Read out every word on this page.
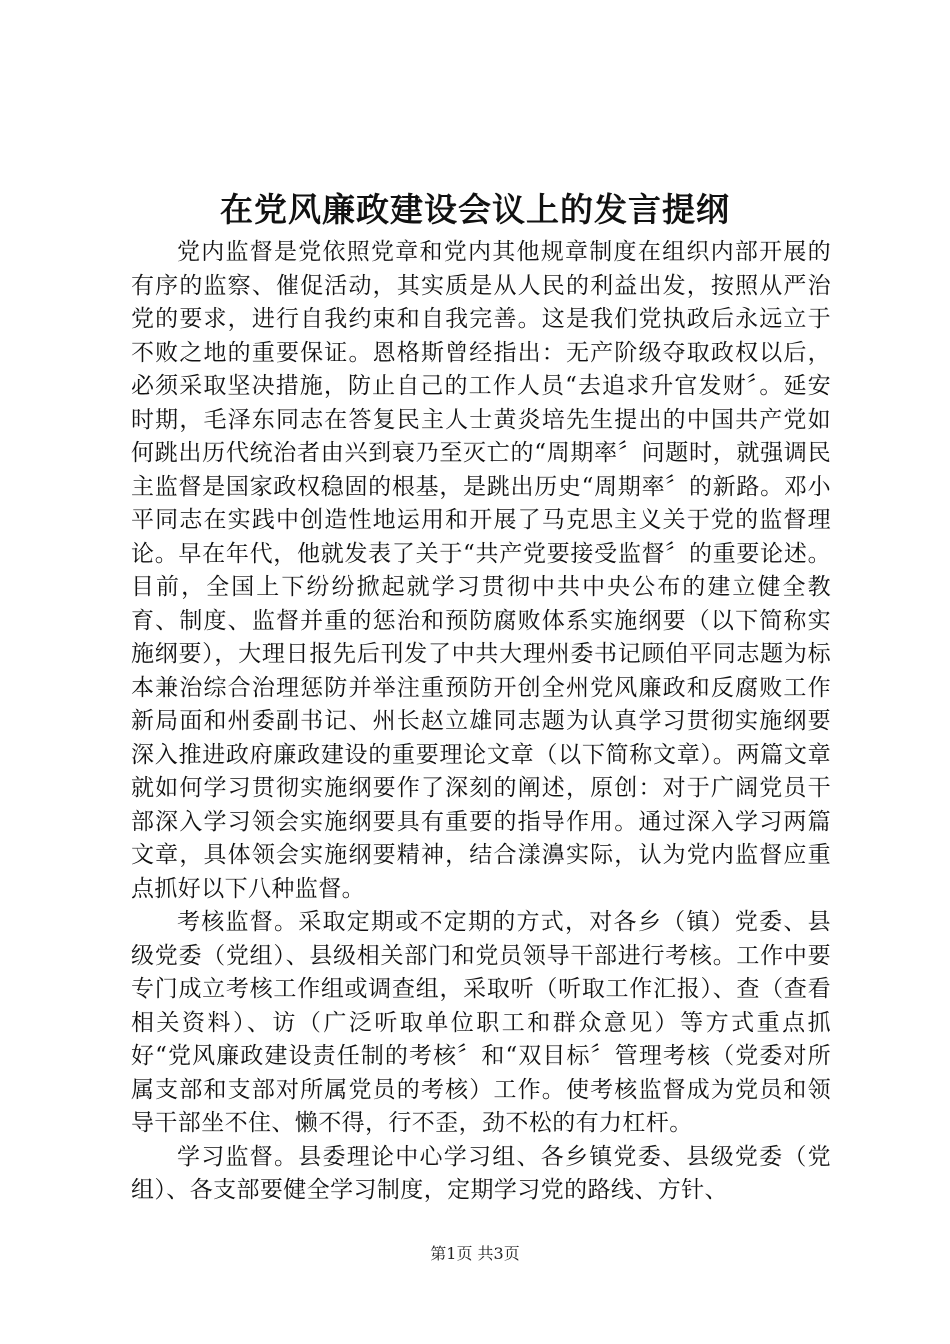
在党风廉政建设会议上的发言提纲

党内监督是党依照党章和党内其他规章制度在组织内部开展的有序的监察、催促活动，其实质是从人民的利益出发，按照从严治党的要求，进行自我约束和自我完善。这是我们党执政后永远立于不败之地的重要保证。恩格斯曾经指出：无产阶级夺取政权以后，必须采取坚决措施，防止自己的工作人员“去追求升官发财〞。延安时期，毛泽东同志在答复民主人士黄炎培先生提出的中国共产党如何跳出历代统治者由兴到衰乃至灭亡的“周期率〞问题时，就强调民主监督是国家政权稳固的根基，是跳出历史“周期率〞的新路。邓小平同志在实践中创造性地运用和开展了马克思主义关于党的监督理论。早在年代，他就发表了关于“共产党要接受监督〞的重要论述。目前，全国上下纷纷掀起就学习贯彻中共中央公布的建立健全教育、制度、监督并重的惩治和预防腐败体系实施纲要（以下简称实施纲要），大理日报先后刊发了中共大理州委书记顾伯平同志题为标本兼治综合治理惩防并举注重预防开创全州党风廉政和反腐败工作新局面和州委副书记、州长赵立雄同志题为认真学习贯彻实施纲要深入推进政府廉政建设的重要理论文章（以下简称文章）。两篇文章就如何学习贯彻实施纲要作了深刻的阐述，原创：对于广阔党员干部深入学习领会实施纲要具有重要的指导作用。通过深入学习两篇文章，具体领会实施纲要精神，结合漾濞实际，认为党内监督应重点抓好以下八种监督。

考核监督。采取定期或不定期的方式，对各乡（镇）党委、县级党委（党组）、县级相关部门和党员领导干部进行考核。工作中要专门成立考核工作组或调查组，采取听（听取工作汇报）、查（查看相关资料）、访（广泛听取单位职工和群众意见）等方式重点抓好“党风廉政建设责任制的考核〞和“双目标〞管理考核（党委对所属支部和支部对所属党员的考核）工作。使考核监督成为党员和领导干部坐不住、懒不得，行不歪，劲不松的有力杠杆。

学习监督。县委理论中心学习组、各乡镇党委、县级党委（党组）、各支部要健全学习制度，定期学习党的路线、方针、

第1页 共3页
